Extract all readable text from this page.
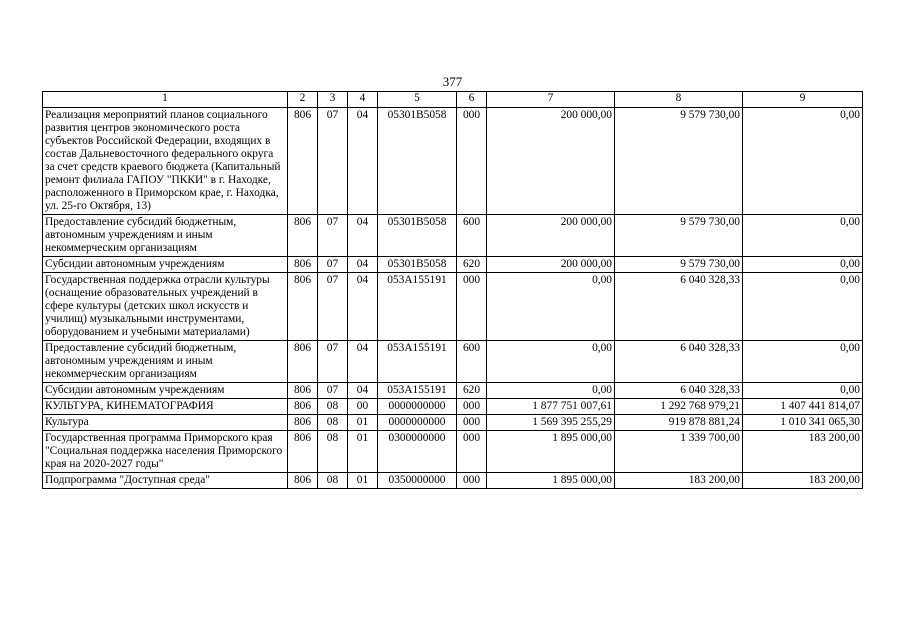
377
1	2	3	4	5	6	7	8	9
Реализация мероприятий планов социального развития центров экономического роста субъектов Российской Федерации, входящих в состав Дальневосточного федерального округа за счет средств краевого бюджета (Капитальный ремонт филиала ГАПОУ "ПККИ" в г. Находке, расположенного в Приморском крае, г. Находка, ул. 25-го Октября, 13)	806	07	04	05301B5058	000	200 000,00	9 579 730,00	0,00
Предоставление субсидий бюджетным, автономным учреждениям и иным некоммерческим организациям	806	07	04	05301B5058	600	200 000,00	9 579 730,00	0,00
Субсидии автономным учреждениям	806	07	04	05301B5058	620	200 000,00	9 579 730,00	0,00
Государственная поддержка отрасли культуры (оснащение образовательных учреждений в сфере культуры (детских школ искусств и училищ) музыкальными инструментами, оборудованием и учебными материалами)	806	07	04	053A155191	000	0,00	6 040 328,33	0,00
Предоставление субсидий бюджетным, автономным учреждениям и иным некоммерческим организациям	806	07	04	053A155191	600	0,00	6 040 328,33	0,00
Субсидии автономным учреждениям	806	07	04	053A155191	620	0,00	6 040 328,33	0,00
КУЛЬТУРА, КИНЕМАТОГРАФИЯ	806	08	00	0000000000	000	1 877 751 007,61	1 292 768 979,21	1 407 441 814,07
Культура	806	08	01	0000000000	000	1 569 395 255,29	919 878 881,24	1 010 341 065,30
Государственная программа Приморского края "Социальная поддержка населения Приморского края на 2020-2027 годы"	806	08	01	0300000000	000	1 895 000,00	1 339 700,00	183 200,00
Подпрограмма "Доступная среда"	806	08	01	0350000000	000	1 895 000,00	183 200,00	183 200,00
